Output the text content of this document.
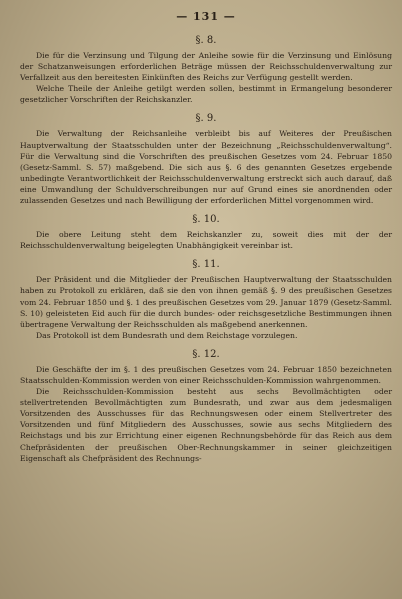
— 131 —
§. 8.

Die für die Verzinsung und Tilgung der Anleihe sowie für die Verzinsung und Einlösung der Schatzanweisungen erforderlichen Beträge müssen der Reichsschuldenverwaltung zur Verfallzeit aus den bereitesten Einkünften des Reichs zur Verfügung gestellt werden.

Welche Theile der Anleihe getilgt werden sollen, bestimmt in Ermangelung besonderer gesetzlicher Vorschriften der Reichskanzler.

§. 9.

Die Verwaltung der Reichsanleihe verbleibt bis auf Weiteres der Preußischen Hauptverwaltung der Staatsschulden unter der Bezeichnung „Reichsschuldenverwaltung“. Für die Verwaltung sind die Vorschriften des preußischen Gesetzes vom 24. Februar 1850 (Gesetz-Samml. S. 57) maßgebend. Die sich aus §. 6 des genannten Gesetzes ergebende unbedingte Verantwortlichkeit der Reichsschuldenverwaltung erstreckt sich auch darauf, daß eine Umwandlung der Schuldverschreibungen nur auf Grund eines sie anordnenden oder zulassenden Gesetzes und nach Bewilligung der erforderlichen Mittel vorgenommen wird.

§. 10.

Die obere Leitung steht dem Reichskanzler zu, soweit dies mit der der Reichsschuldenverwaltung beigelegten Unabhängigkeit vereinbar ist.

§. 11.

Der Präsident und die Mitglieder der Preußischen Hauptverwaltung der Staatsschulden haben zu Protokoll zu erklären, daß sie den von ihnen gemäß §. 9 des preußischen Gesetzes vom 24. Februar 1850 und §. 1 des preußischen Gesetzes vom 29. Januar 1879 (Gesetz-Samml. S. 10) geleisteten Eid auch für die durch bundes- oder reichsgesetzliche Bestimmungen ihnen übertragene Verwaltung der Reichsschulden als maßgebend anerkennen.

Das Protokoll ist dem Bundesrath und dem Reichstage vorzulegen.

§. 12.

Die Geschäfte der im §. 1 des preußischen Gesetzes vom 24. Februar 1850 bezeichneten Staatsschulden-Kommission werden von einer Reichsschulden-Kommission wahrgenommen.

Die Reichsschulden-Kommission besteht aus sechs Bevollmächtigten oder stellvertretenden Bevollmächtigten zum Bundesrath, und zwar aus dem jedesmaligen Vorsitzenden des Ausschusses für das Rechnungswesen oder einem Stellvertreter des Vorsitzenden und fünf Mitgliedern des Ausschusses, sowie aus sechs Mitgliedern des Reichstags und bis zur Errichtung einer eigenen Rechnungsbehörde für das Reich aus dem Chefpräsidenten der preußischen Ober-Rechnungskammer in seiner gleichzeitigen Eigenschaft als Chefpräsident des Rechnungs-
